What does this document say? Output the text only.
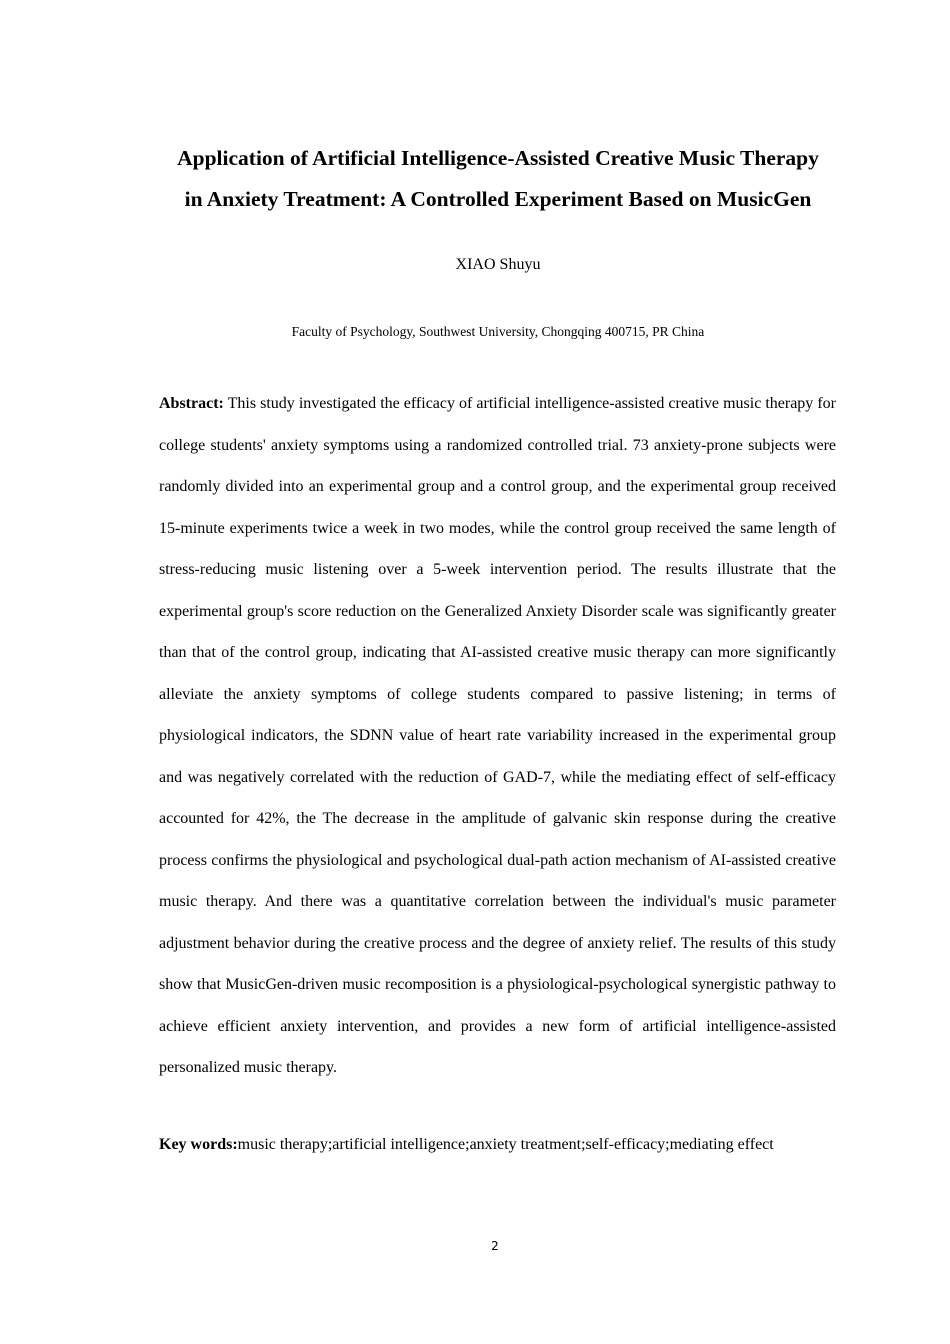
Application of Artificial Intelligence-Assisted Creative Music Therapy
in Anxiety Treatment: A Controlled Experiment Based on MusicGen
XIAO Shuyu
Faculty of Psychology, Southwest University, Chongqing 400715, PR China
Abstract: This study investigated the efficacy of artificial intelligence-assisted creative music therapy for college students' anxiety symptoms using a randomized controlled trial. 73 anxiety-prone subjects were randomly divided into an experimental group and a control group, and the experimental group received 15-minute experiments twice a week in two modes, while the control group received the same length of stress-reducing music listening over a 5-week intervention period. The results illustrate that the experimental group's score reduction on the Generalized Anxiety Disorder scale was significantly greater than that of the control group, indicating that AI-assisted creative music therapy can more significantly alleviate the anxiety symptoms of college students compared to passive listening; in terms of physiological indicators, the SDNN value of heart rate variability increased in the experimental group and was negatively correlated with the reduction of GAD-7, while the mediating effect of self-efficacy accounted for 42%, the The decrease in the amplitude of galvanic skin response during the creative process confirms the physiological and psychological dual-path action mechanism of AI-assisted creative music therapy. And there was a quantitative correlation between the individual's music parameter adjustment behavior during the creative process and the degree of anxiety relief. The results of this study show that MusicGen-driven music recomposition is a physiological-psychological synergistic pathway to achieve efficient anxiety intervention, and provides a new form of artificial intelligence-assisted personalized music therapy.
Key words:music therapy;artificial intelligence;anxiety treatment;self-efficacy;mediating effect
2
